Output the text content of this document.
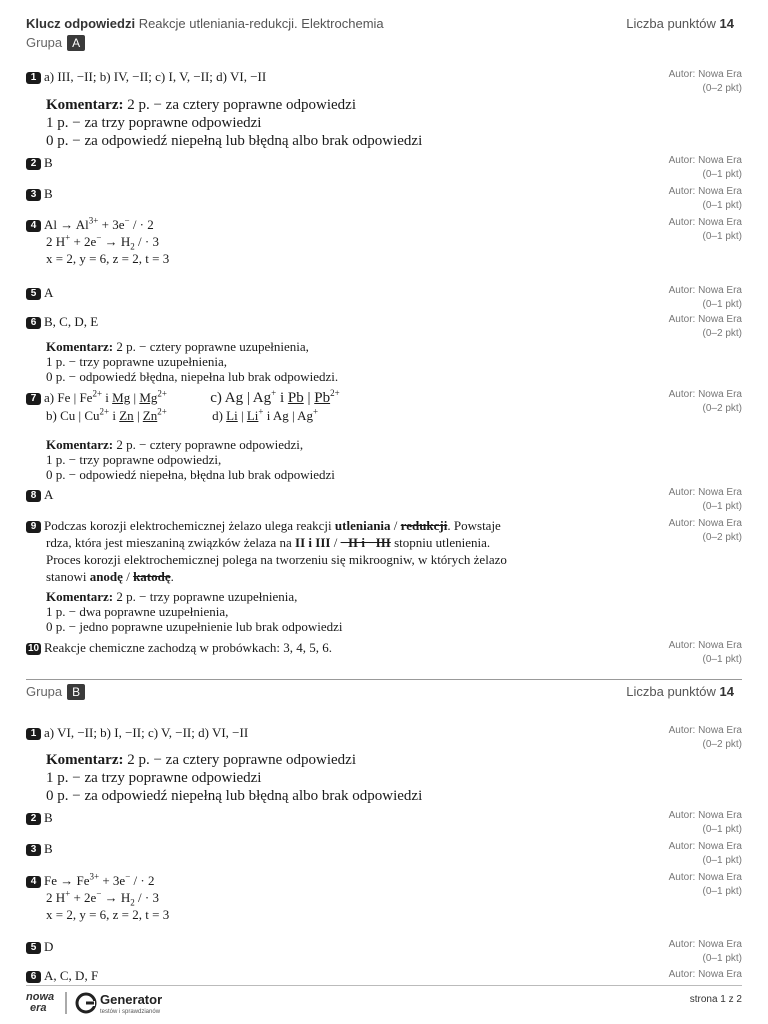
Klucz odpowiedzi Reakcje utleniania-redukcji. Elektrochemia	Liczba punktów 14
Grupa A
1 a) III, −II; b) IV, −II; c) I, V, −II; d) VI, −II	Autor: Nowa Era
(0–2 pkt)
Komentarz: 2 p. − za cztery poprawne odpowiedzi
1 p. − za trzy poprawne odpowiedzi
0 p. − za odpowiedź niepełną lub błędną albo brak odpowiedzi
2 B	Autor: Nowa Era
(0–1 pkt)
3 B	Autor: Nowa Era
(0–1 pkt)
4 $Al \to Al^{3+} + 3e^-$ / · 2
2 $H^+ + 2e^- \to H_2$ / · 3
x = 2, y = 6, z = 2, t = 3
Autor: Nowa Era
(0–1 pkt)
5 A	Autor: Nowa Era
(0–1 pkt)
6 B, C, D, E	Autor: Nowa Era
(0–2 pkt)
Komentarz: 2 p. − cztery poprawne uzupełnienia,
1 p. − trzy poprawne uzupełnienia,
0 p. − odpowiedź błędna, niepełna lub brak odpowiedzi.
7 a) Fe | $Fe^{2+}$ i Mg | $Mg^{2+}$	c) Ag | Ag+ i Pb | $Pb^{2+}$
b) Cu | $Cu^{2+}$ i Zn | $Zn^{2+}$	d) Li | Li+ i Ag | Ag+
Autor: Nowa Era
(0–2 pkt)
Komentarz: 2 p. − cztery poprawne odpowiedzi,
1 p. − trzy poprawne odpowiedzi,
0 p. − odpowiedź niepełna, błędna lub brak odpowiedzi
8 A	Autor: Nowa Era
(0–1 pkt)
9 Podczas korozji elektrochemicznej żelazo ulega reakcji utleniania / redukcji. Powstaje
rdza, która jest mieszaniną związków żelaza na II i III / −II i −III stopniu utlenienia.
Proces korozji elektrochemicznej polega na tworzeniu się mikroogniw, w których żelazo
stanowi anodę / katodę.
Autor: Nowa Era
(0–2 pkt)
Komentarz: 2 p. − trzy poprawne uzupełnienia,
1 p. − dwa poprawne uzupełnienia,
0 p. − jedno poprawne uzupełnienie lub brak odpowiedzi
10 Reakcje chemiczne zachodzą w probówkach: 3, 4, 5, 6.	Autor: Nowa Era
(0–1 pkt)
Grupa B	Liczba punktów 14
1 a) VI, −II; b) I, −II; c) V, −II; d) VI, −II	Autor: Nowa Era
(0–2 pkt)
Komentarz: 2 p. − za cztery poprawne odpowiedzi
1 p. − za trzy poprawne odpowiedzi
0 p. − za odpowiedź niepełną lub błędną albo brak odpowiedzi
2 B	Autor: Nowa Era
(0–1 pkt)
3 B	Autor: Nowa Era
(0–1 pkt)
4 $Fe \to Fe^{3+} + 3e^-$ / · 2
2 $H^+ + 2e^- \to H_2$ / · 3
x = 2, y = 6, z = 2, t = 3
Autor: Nowa Era
(0–1 pkt)
5 D	Autor: Nowa Era
(0–1 pkt)
6 A, C, D, F	Autor: Nowa Era
nowa
era
Generator
testów i sprawdzianów
strona 1 z 2
